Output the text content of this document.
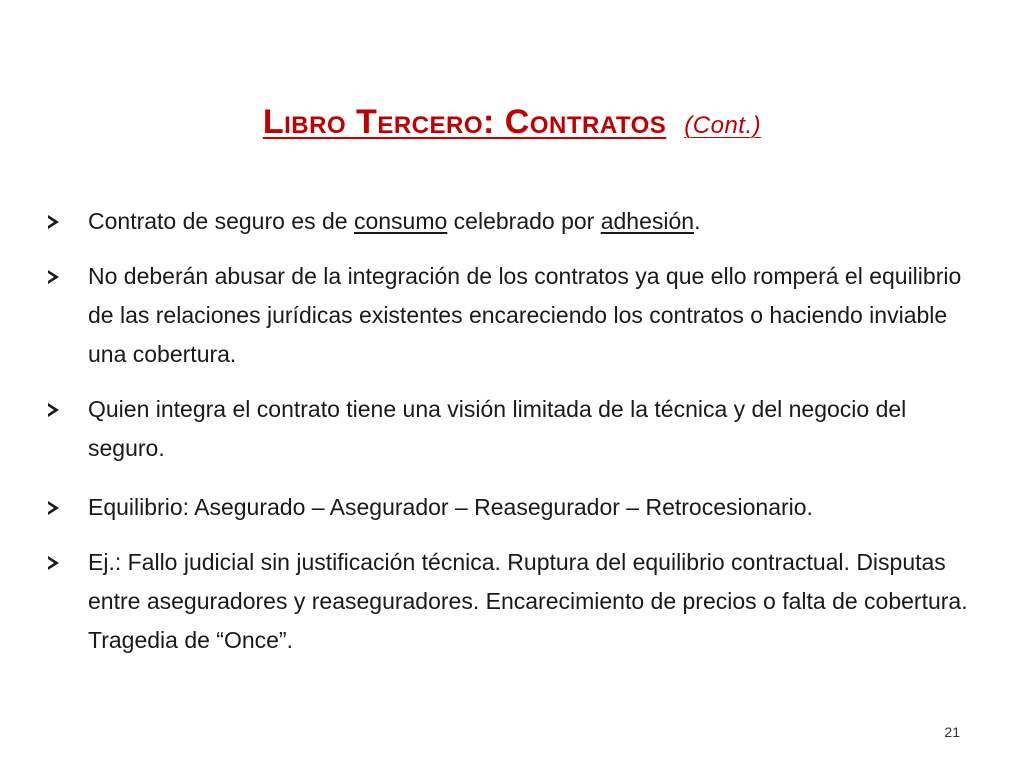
Libro Tercero: Contratos (Cont.)
Contrato de seguro es de consumo celebrado por adhesión.
No deberán abusar de la integración de los contratos ya que ello romperá el equilibrio de las relaciones jurídicas existentes encareciendo los contratos o haciendo inviable una cobertura.
Quien integra el contrato tiene una visión limitada de la técnica y del negocio del seguro.
Equilibrio: Asegurado – Asegurador – Reasegurador – Retrocesionario.
Ej.: Fallo judicial sin justificación técnica. Ruptura del equilibrio contractual. Disputas entre aseguradores y reaseguradores. Encarecimiento de precios o falta de cobertura. Tragedia de “Once”.
21
